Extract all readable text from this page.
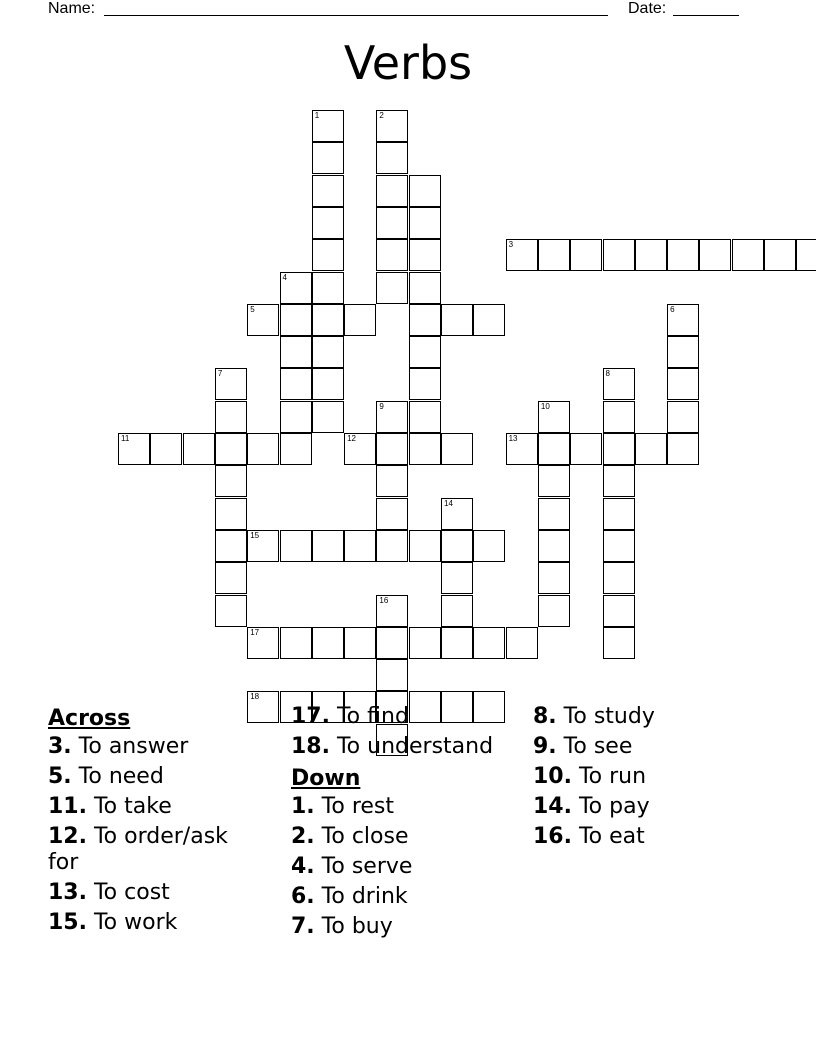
Name:	Date:
Verbs
1	2
3
4
5	6
7	8
9	10
11	12	13
14
15
16
17
18
Across
3. To answer
5. To need
11. To take
12. To order/ask for
13. To cost
15. To work
17. To find
18. To understand
Down
1. To rest
2. To close
4. To serve
6. To drink
7. To buy
8. To study
9. To see
10. To run
14. To pay
16. To eat
